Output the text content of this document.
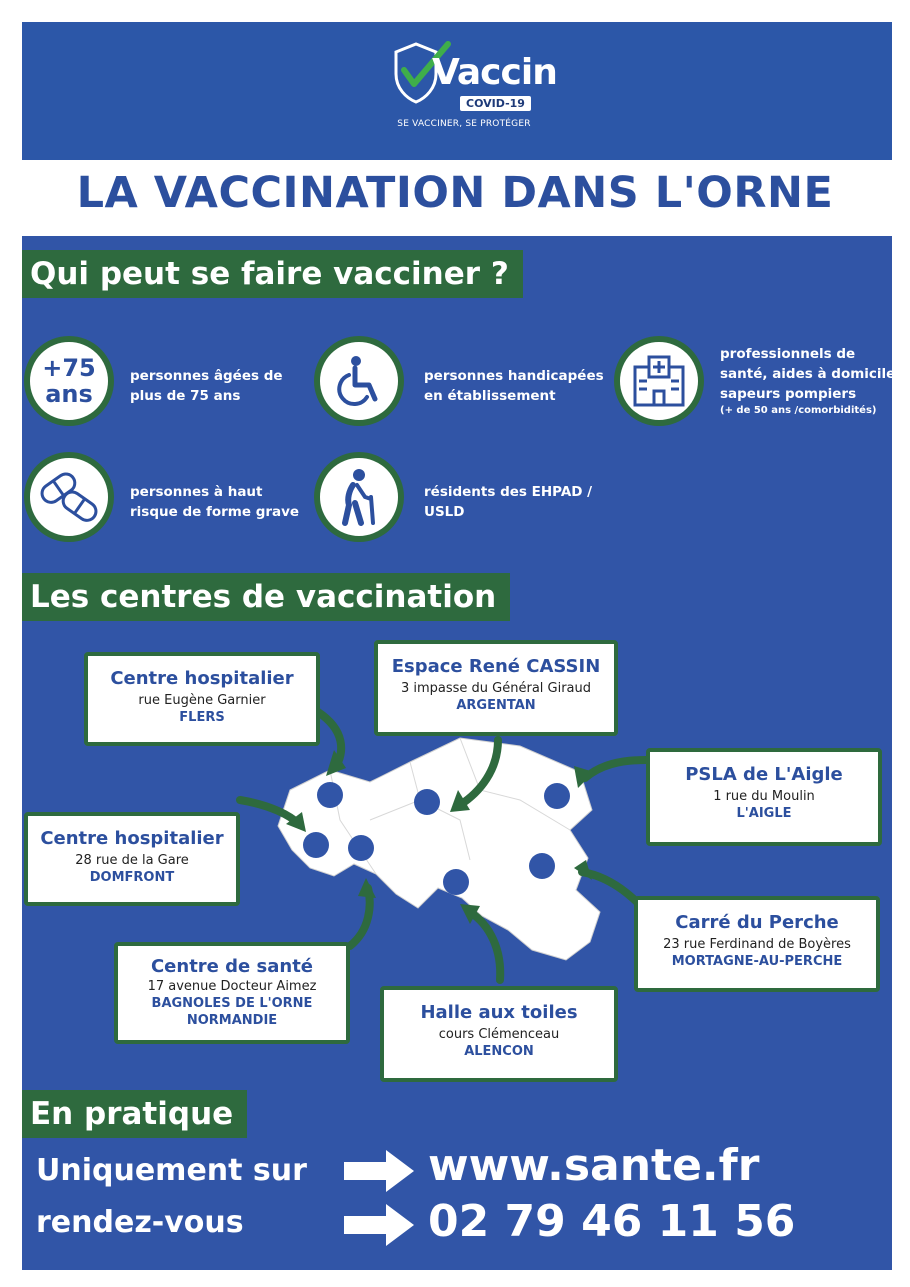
Vaccin
COVID-19
SE VACCINER, SE PROTÉGER
LA VACCINATION DANS L'ORNE
Qui peut se faire vacciner ?
+75
ans
personnes âgées de
plus de 75 ans
personnes handicapées
en établissement
professionnels de
santé, aides à domicile,
sapeurs pompiers
(+ de 50 ans /comorbidités)
personnes à haut
risque de forme grave
résidents des EHPAD /
USLD
Les centres de vaccination
Centre hospitalier
rue Eugène Garnier
FLERS
Espace René CASSIN
3 impasse du Général Giraud
ARGENTAN
PSLA de L'Aigle
1 rue du Moulin
L'AIGLE
Centre hospitalier
28 rue de la Gare
DOMFRONT
Carré du Perche
23 rue Ferdinand de Boyères
MORTAGNE-AU-PERCHE
Centre de santé
17 avenue Docteur Aimez
BAGNOLES DE L'ORNE
NORMANDIE	Halle aux toiles
cours Clémenceau
ALENCON
En pratique
Uniquement sur
rendez-vous
www.sante.fr
02 79 46 11 56
